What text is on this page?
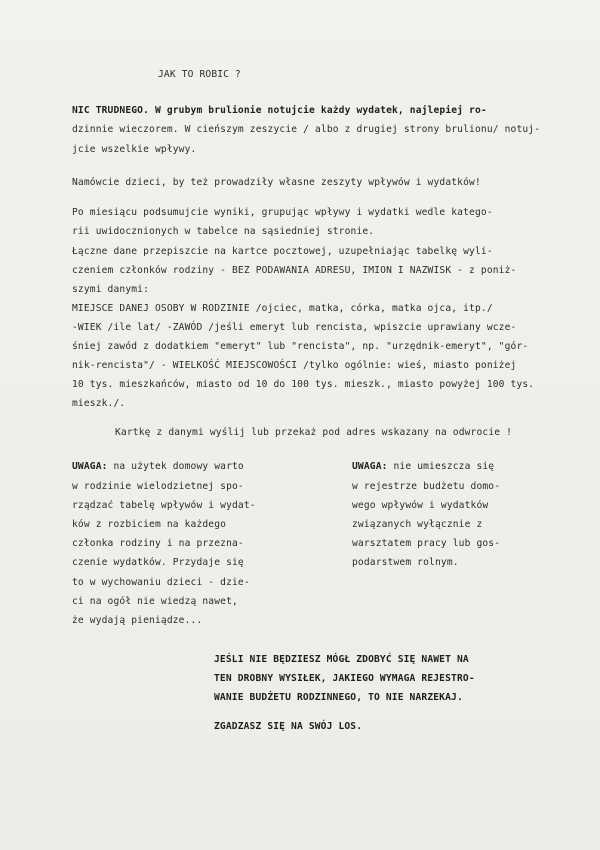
JAK TO ROBIC ?

NIC TRUDNEGO. W grubym brulionie notujcie każdy wydatek, najlepiej ro-

dzinnie wieczorem. W cieńszym zeszycie / albo z drugiej strony brulionu/ notuj-

jcie wszelkie wpływy.

Namówcie dzieci, by też prowadziły własne zeszyty wpływów i wydatków!

Po miesiącu podsumujcie wyniki, grupując wpływy i wydatki wedle katego-

rii uwidocznionych w tabelce na sąsiedniej stronie.

Łączne dane przepiszcie na kartce pocztowej, uzupełniając tabelkę wyli-

czeniem członków rodziny - BEZ PODAWANIA ADRESU, IMION I NAZWISK - z poniż-

szymi danymi:

MIEJSCE DANEJ OSOBY W RODZINIE /ojciec, matka, córka, matka ojca, itp./

-WIEK /ile lat/ -ZAWÓD /jeśli emeryt lub rencista, wpiszcie uprawiany wcze-

śniej zawód z dodatkiem "emeryt" lub "rencista", np. "urzędnik-emeryt", "gór-

nik-rencista"/ - WIELKOŚĆ MIEJSCOWOŚCI /tylko ogólnie: wieś, miasto poniżej

10 tys. mieszkańców, miasto od 10 do 100 tys. mieszk., miasto powyżej 100 tys.

mieszk./.

Kartkę z danymi wyślij lub przekaż pod adres wskazany na odwrocie !

UWAGA: na użytek domowy warto

w rodzinie wielodzietnej spo-

rządzać tabelę wpływów i wydat-

ków z rozbiciem na każdego

członka rodziny i na przezna-

czenie wydatków. Przydaje się

to w wychowaniu dzieci - dzie-

ci na ogół nie wiedzą nawet,

że wydają pieniądze...

UWAGA: nie umieszcza się

w rejestrze budżetu domo-

wego wpływów i wydatków

związanych wyłącznie z

warsztatem pracy lub gos-

podarstwem rolnym.

JEŚLI NIE BĘDZIESZ MÓGŁ ZDOBYĆ SIĘ NAWET NA

TEN DROBNY WYSIŁEK, JAKIEGO WYMAGA REJESTRO-

WANIE BUDŻETU RODZINNEGO, TO NIE NARZEKAJ.

ZGADZASZ SIĘ NA SWÓJ LOS.
